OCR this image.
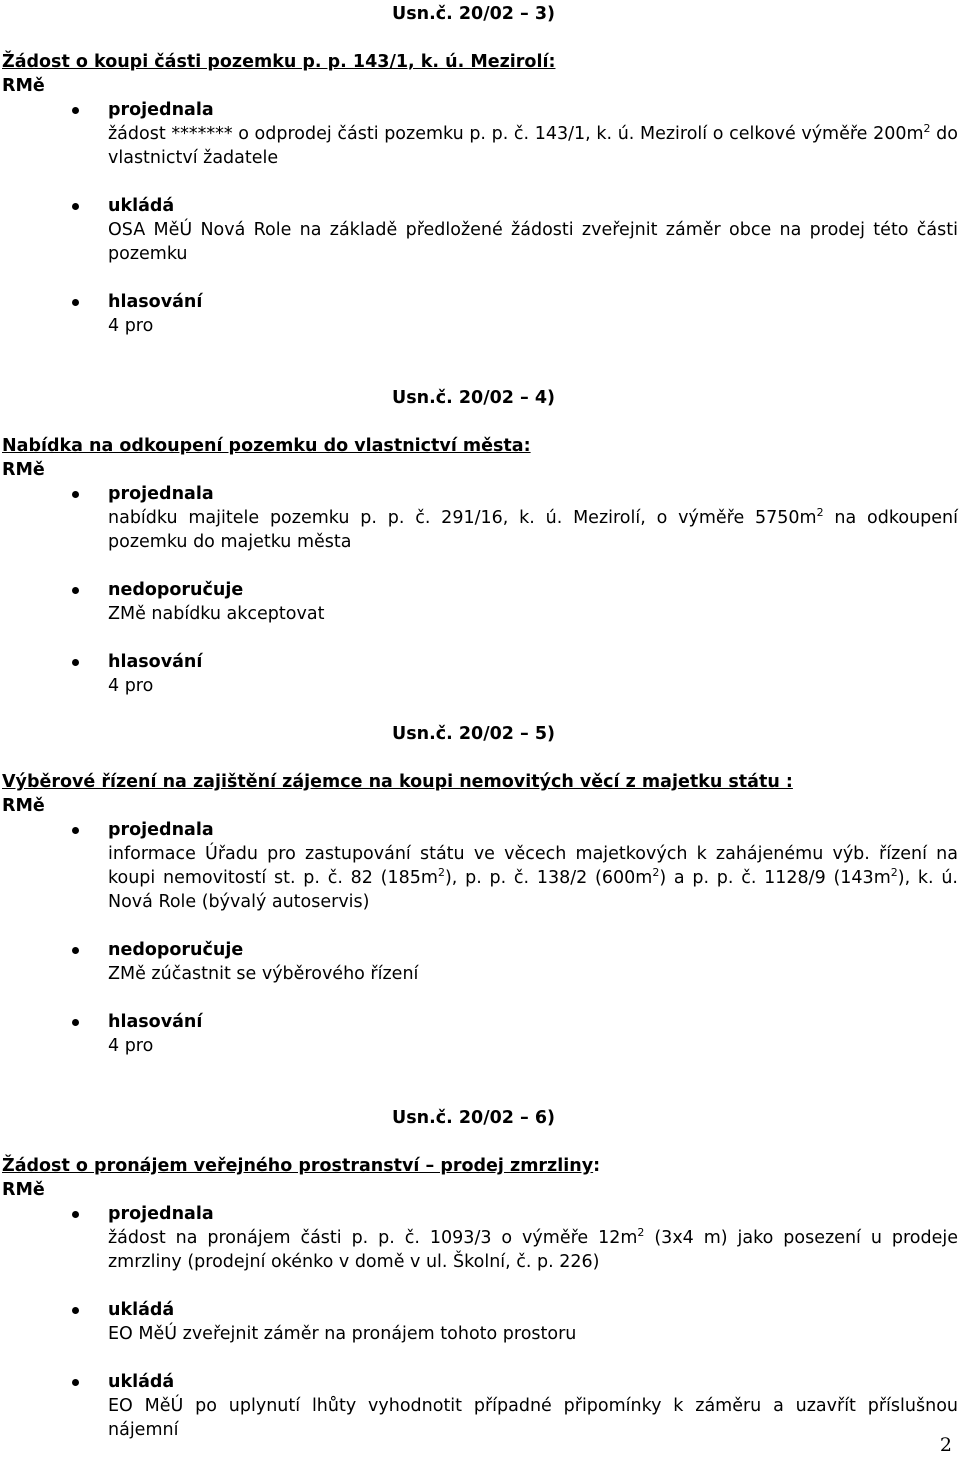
Usn.č. 20/02 – 3)
Žádost o koupi části pozemku p. p. 143/1, k. ú. Mezirolí:
RMě
projednala
žádost ******* o odprodej části pozemku p. p. č. 143/1, k. ú. Mezirolí o celkové výměře $200m^2$ do vlastnictví žadatele
ukládá
OSA MěÚ Nová Role na základě předložené žádosti zveřejnit záměr obce na prodej této části pozemku
hlasování
4 pro
Usn.č. 20/02 – 4)
Nabídka na odkoupení pozemku do vlastnictví města:
RMě
projednala
nabídku majitele pozemku p. p. č. 291/16, k. ú. Mezirolí, o výměře $5750m^2$ na odkoupení pozemku do majetku města
nedoporučuje
ZMě nabídku akceptovat
hlasování
4 pro
Usn.č. 20/02 – 5)
Výběrové řízení na zajištění zájemce na koupi nemovitých věcí z majetku státu :
RMě
projednala
informace Úřadu pro zastupování státu ve věcech majetkových k zahájenému výb. řízení na koupi nemovitostí st. p. č. 82 $(185m^2)$, p. p. č. 138/2 $(600m^2)$ a p. p. č. 1128/9 $(143m^2)$, k. ú. Nová Role (bývalý autoservis)
nedoporučuje
ZMě zúčastnit se výběrového řízení
hlasování
4 pro
Usn.č. 20/02 – 6)
Žádost o pronájem veřejného prostranství – prodej zmrzliny:
RMě
projednala
žádost na pronájem části p. p. č. 1093/3 o výměře $12m^2$ (3x4 m) jako posezení u prodeje zmrzliny (prodejní okénko v domě v ul. Školní, č. p. 226)
ukládá
EO MěÚ zveřejnit záměr na pronájem tohoto prostoru
ukládá
EO MěÚ po uplynutí lhůty vyhodnotit případné připomínky k záměru a uzavřít příslušnou nájemní
2
